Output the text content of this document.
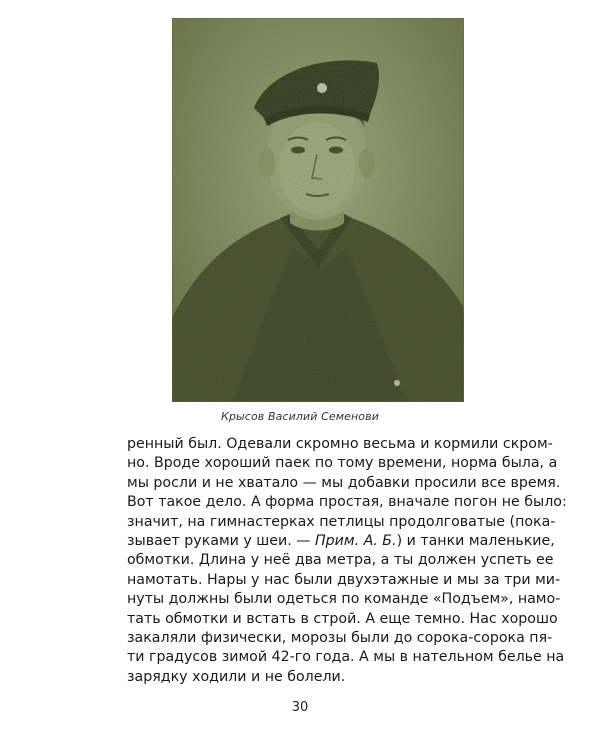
Крысов Василий Семенови
ренный был. Одевали скромно весьма и кормили скром-
но. Вроде хороший паек по тому времени, норма была, а
мы росли и не хватало — мы добавки просили все время.
Вот такое дело. А форма простая, вначале погон не было:
значит, на гимнастерках петлицы продолговатые (пока-
зывает руками у шеи. — Прим. А. Б.) и танки маленькие,
обмотки. Длина у неё два метра, а ты должен успеть ее
намотать. Нары у нас были двухэтажные и мы за три ми-
нуты должны были одеться по команде «Подъем», намо-
тать обмотки и встать в строй. А еще темно. Нас хорошо
закаляли физически, морозы были до сорока-сорока пя-
ти градусов зимой 42-го года. А мы в нательном белье на
зарядку ходили и не болели.
30
